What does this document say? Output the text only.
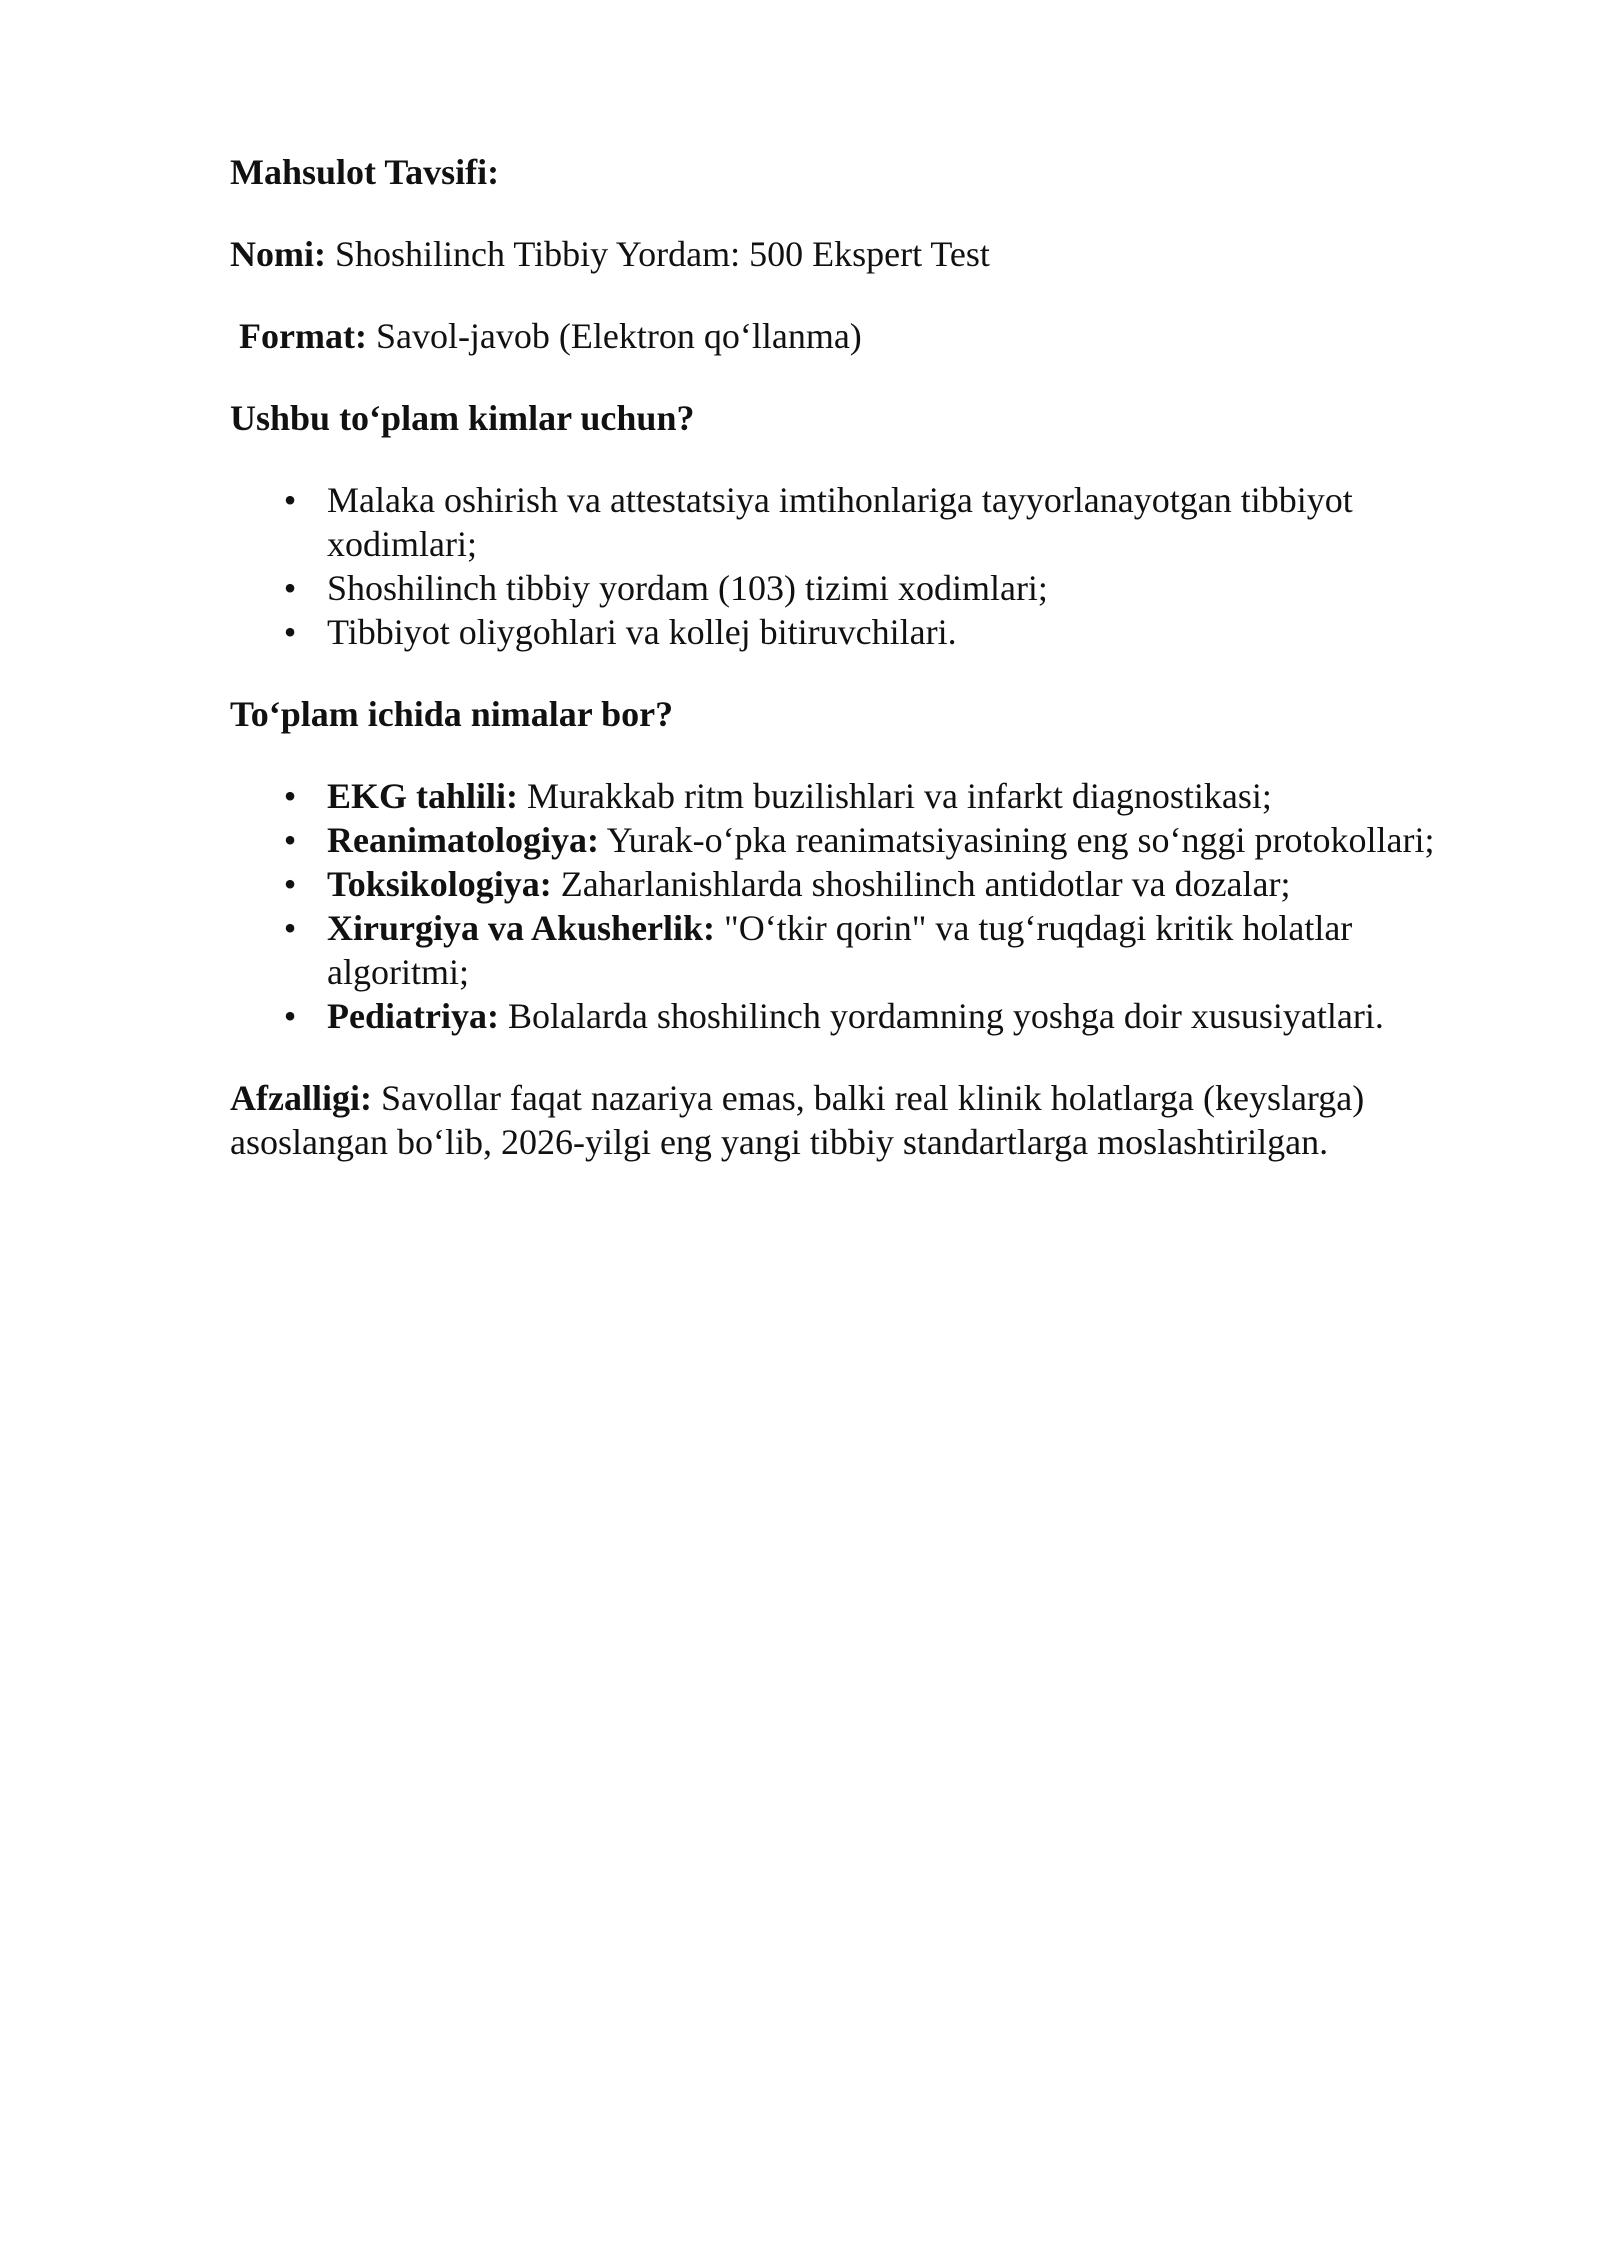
Mahsulot Tavsifi:

Nomi: Shoshilinch Tibbiy Yordam: 500 Ekspert Test

Format: Savol-javob (Elektron qo‘llanma)

Ushbu to‘plam kimlar uchun?

• Malaka oshirish va attestatsiya imtihonlariga tayyorlanayotgan tibbiyot xodimlari;
• Shoshilinch tibbiy yordam (103) tizimi xodimlari;
• Tibbiyot oliygohlari va kollej bitiruvchilari.

To‘plam ichida nimalar bor?

• EKG tahlili: Murakkab ritm buzilishlari va infarkt diagnostikasi;
• Reanimatologiya: Yurak-o‘pka reanimatsiyasining eng so‘nggi protokollari;
• Toksikologiya: Zaharlanishlarda shoshilinch antidotlar va dozalar;
• Xirurgiya va Akusherlik: "O‘tkir qorin" va tug‘ruqdagi kritik holatlar algoritmi;
• Pediatriya: Bolalarda shoshilinch yordamning yoshga doir xususiyatlari.

Afzalligi: Savollar faqat nazariya emas, balki real klinik holatlarga (keyslarga) asoslangan bo‘lib, 2026-yilgi eng yangi tibbiy standartlarga moslashtirilgan.
